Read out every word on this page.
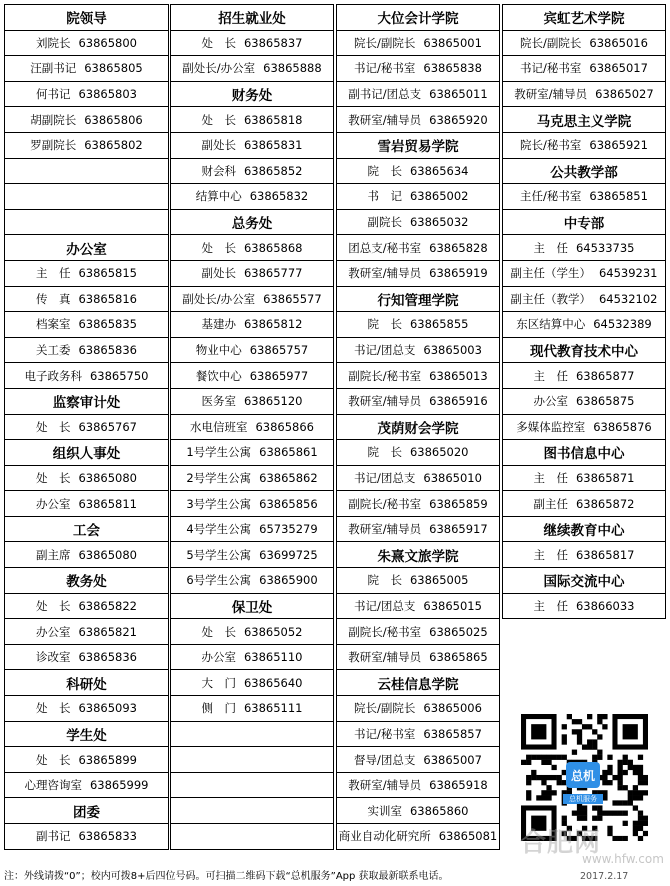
院领导
刘院长 63865800
汪副书记 63865805
何书记 63865803
胡副院长 63865806
罗副院长 63865802
办公室
主　任 63865815
传　真 63865816
档案室 63865835
关工委 63865836
电子政务科 63865750
监察审计处
处　长 63865767
组织人事处
处　长 63865080
办公室 63865811
工会
副主席 63865080
教务处
处　长 63865822
办公室 63865821
诊改室 63865836
科研处
处　长 63865093
学生处
处　长 63865899
心理咨询室 63865999
团委
副书记 63865833
招生就业处
处　长 63865837
副处长/办公室 63865888
财务处
处　长 63865818
副处长 63865831
财会科 63865852
结算中心 63865832
总务处
处　长 63865868
副处长 63865777
副处长/办公室 63865577
基建办 63865812
物业中心 63865757
餐饮中心 63865977
医务室 63865120
水电信班室 63865866
1号学生公寓 63865861
2号学生公寓 63865862
3号学生公寓 63865856
4号学生公寓 65735279
5号学生公寓 63699725
6号学生公寓 63865900
保卫处
处　长 63865052
办公室 63865110
大　门 63865640
侧　门 63865111
大位会计学院
院长/副院长 63865001
书记/秘书室 63865838
副书记/团总支 63865011
教研室/辅导员 63865920
雪岩贸易学院
院　长 63865634
书　记 63865002
副院长 63865032
团总支/秘书室 63865828
教研室/辅导员 63865919
行知管理学院
院　长 63865855
书记/团总支 63865003
副院长/秘书室 63865013
教研室/辅导员 63865916
茂荫财会学院
院　长 63865020
书记/团总支 63865010
副院长/秘书室 63865859
教研室/辅导员 63865917
朱熹文旅学院
院　长 63865005
书记/团总支 63865015
副院长/秘书室 63865025
教研室/辅导员 63865865
云桂信息学院
院长/副院长 63865006
书记/秘书室 63865857
督导/团总支 63865007
教研室/辅导员 63865918
实训室 63865860
商业自动化研究所 63865081
宾虹艺术学院
院长/副院长 63865016
书记/秘书室 63865017
教研室/辅导员 63865027
马克思主义学院
院长/秘书室 63865921
公共教学部
主任/秘书室 63865851
中专部
主　任 64533735
副主任（学生） 64539231
副主任（教学） 64532102
东区结算中心 64532389
现代教育技术中心
主　任 63865877
办公室 63865875
多媒体监控室 63865876
图书信息中心
主　任 63865871
副主任 63865872
继续教育中心
主　任 63865817
国际交流中心
主　任 63866033
总机
总机服务
合肥网
www.hfw.com
注：外线请拨“0”；校内可拨8+后四位号码。可扫描二维码下载“总机服务”App 获取最新联系电话。	2017.2.17
